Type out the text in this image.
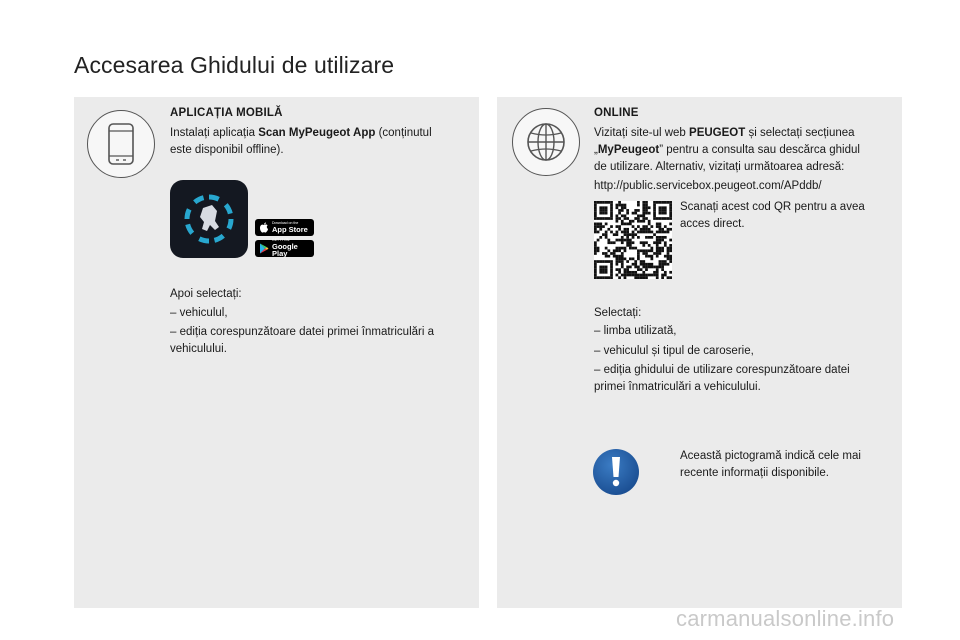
Accesarea Ghidului de utilizare
APLICAȚIA MOBILĂ
Instalați aplicația Scan MyPeugeot App (conținutul
este disponibil offline).
Download on the
App Store
GET IT ON
Google Play
Apoi selectați:
– vehiculul,
– ediția corespunzătoare datei primei înmatriculări a
vehiculului.
ONLINE
Vizitați site-ul web PEUGEOT și selectați secțiunea
„MyPeugeot” pentru a consulta sau descărca ghidul
de utilizare. Alternativ, vizitați următoarea adresă:
http://public.servicebox.peugeot.com/APddb/
Scanați acest cod QR pentru a avea
acces direct.
Selectați:
– limba utilizată,
– vehiculul și tipul de caroserie,
– ediția ghidului de utilizare corespunzătoare datei
primei înmatriculări a vehiculului.
Această pictogramă indică cele mai
recente informații disponibile.
carmanualsonline.info
